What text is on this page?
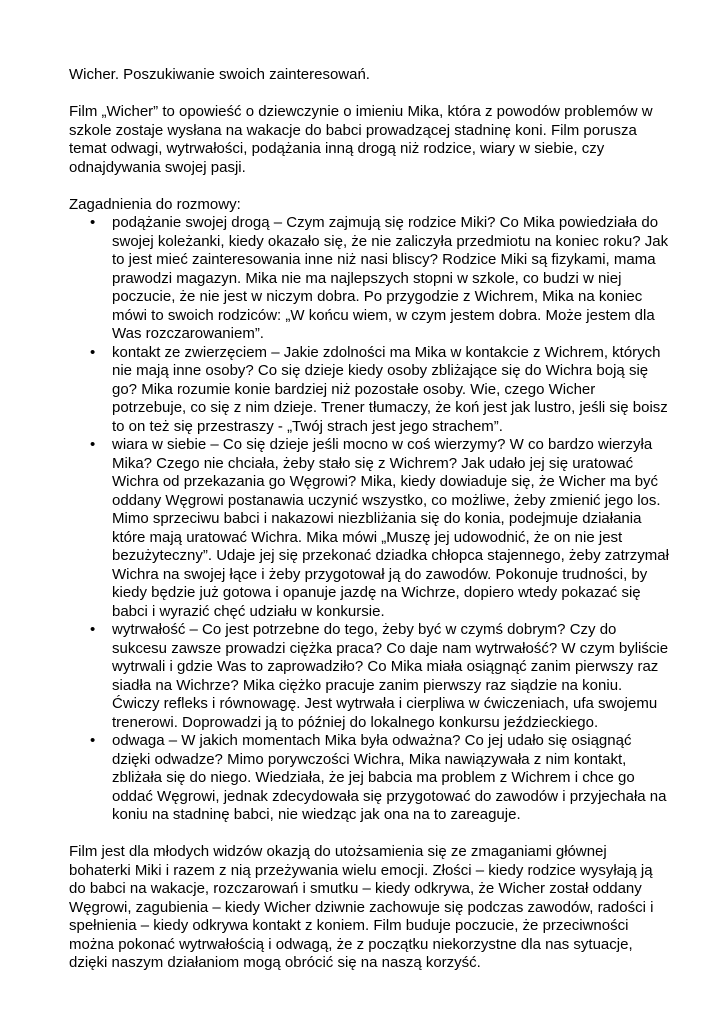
Wicher. Poszukiwanie swoich zainteresowań.

Film „Wicher” to opowieść o dziewczynie o imieniu Mika, która z powodów problemów w szkole zostaje wysłana na wakacje do babci prowadzącej stadninę koni. Film porusza temat odwagi, wytrwałości, podążania inną drogą niż rodzice, wiary w siebie, czy odnajdywania swojej pasji.

Zagadnienia do rozmowy:

• podążanie swojej drogą – Czym zajmują się rodzice Miki? Co Mika powiedziała do swojej koleżanki, kiedy okazało się, że nie zaliczyła przedmiotu na koniec roku? Jak to jest mieć zainteresowania inne niż nasi bliscy? Rodzice Miki są fizykami, mama prawodzi magazyn. Mika nie ma najlepszych stopni w szkole, co budzi w niej poczucie, że nie jest w niczym dobra. Po przygodzie z Wichrem, Mika na koniec mówi to swoich rodziców: „W końcu wiem, w czym jestem dobra. Może jestem dla Was rozczarowaniem”.
• kontakt ze zwierzęciem – Jakie zdolności ma Mika w kontakcie z Wichrem, których nie mają inne osoby? Co się dzieje kiedy osoby zbliżające się do Wichra boją się go? Mika rozumie konie bardziej niż pozostałe osoby. Wie, czego Wicher potrzebuje, co się z nim dzieje. Trener tłumaczy, że koń jest jak lustro, jeśli się boisz to on też się przestraszy - „Twój strach jest jego strachem”.
• wiara w siebie – Co się dzieje jeśli mocno w coś wierzymy? W co bardzo wierzyła Mika? Czego nie chciała, żeby stało się z Wichrem? Jak udało jej się uratować Wichra od przekazania go Węgrowi? Mika, kiedy dowiaduje się, że Wicher ma być oddany Węgrowi postanawia uczynić wszystko, co możliwe, żeby zmienić jego los. Mimo sprzeciwu babci i nakazowi niezbliżania się do konia, podejmuje działania które mają uratować Wichra. Mika mówi „Muszę jej udowodnić, że on nie jest bezużyteczny”. Udaje jej się przekonać dziadka chłopca stajennego, żeby zatrzymał Wichra na swojej łące i żeby przygotował ją do zawodów. Pokonuje trudności, by kiedy będzie już gotowa i opanuje jazdę na Wichrze, dopiero wtedy pokazać się babci i wyrazić chęć udziału w konkursie.
• wytrwałość – Co jest potrzebne do tego, żeby być w czymś dobrym? Czy do sukcesu zawsze prowadzi ciężka praca? Co daje nam wytrwałość? W czym byliście wytrwali i gdzie Was to zaprowadziło? Co Mika miała osiągnąć zanim pierwszy raz siadła na Wichrze? Mika ciężko pracuje zanim pierwszy raz siądzie na koniu. Ćwiczy refleks i równowagę. Jest wytrwała i cierpliwa w ćwiczeniach, ufa swojemu trenerowi. Doprowadzi ją to później do lokalnego konkursu jeździeckiego.
• odwaga – W jakich momentach Mika była odważna? Co jej udało się osiągnąć dzięki odwadze? Mimo porywczości Wichra, Mika nawiązywała z nim kontakt, zbliżała się do niego. Wiedziała, że jej babcia ma problem z Wichrem i chce go oddać Węgrowi, jednak zdecydowała się przygotować do zawodów i przyjechała na koniu na stadninę babci, nie wiedząc jak ona na to zareaguje.

Film jest dla młodych widzów okazją do utożsamienia się ze zmaganiami głównej bohaterki Miki i razem z nią przeżywania wielu emocji. Złości – kiedy rodzice wysyłają ją do babci na wakacje, rozczarowań i smutku – kiedy odkrywa, że Wicher został oddany Węgrowi, zagubienia – kiedy Wicher dziwnie zachowuje się podczas zawodów, radości i spełnienia – kiedy odkrywa kontakt z koniem. Film buduje poczucie, że przeciwności można pokonać wytrwałością i odwagą, że z początku niekorzystne dla nas sytuacje, dzięki naszym działaniom mogą obrócić się na naszą korzyść.
